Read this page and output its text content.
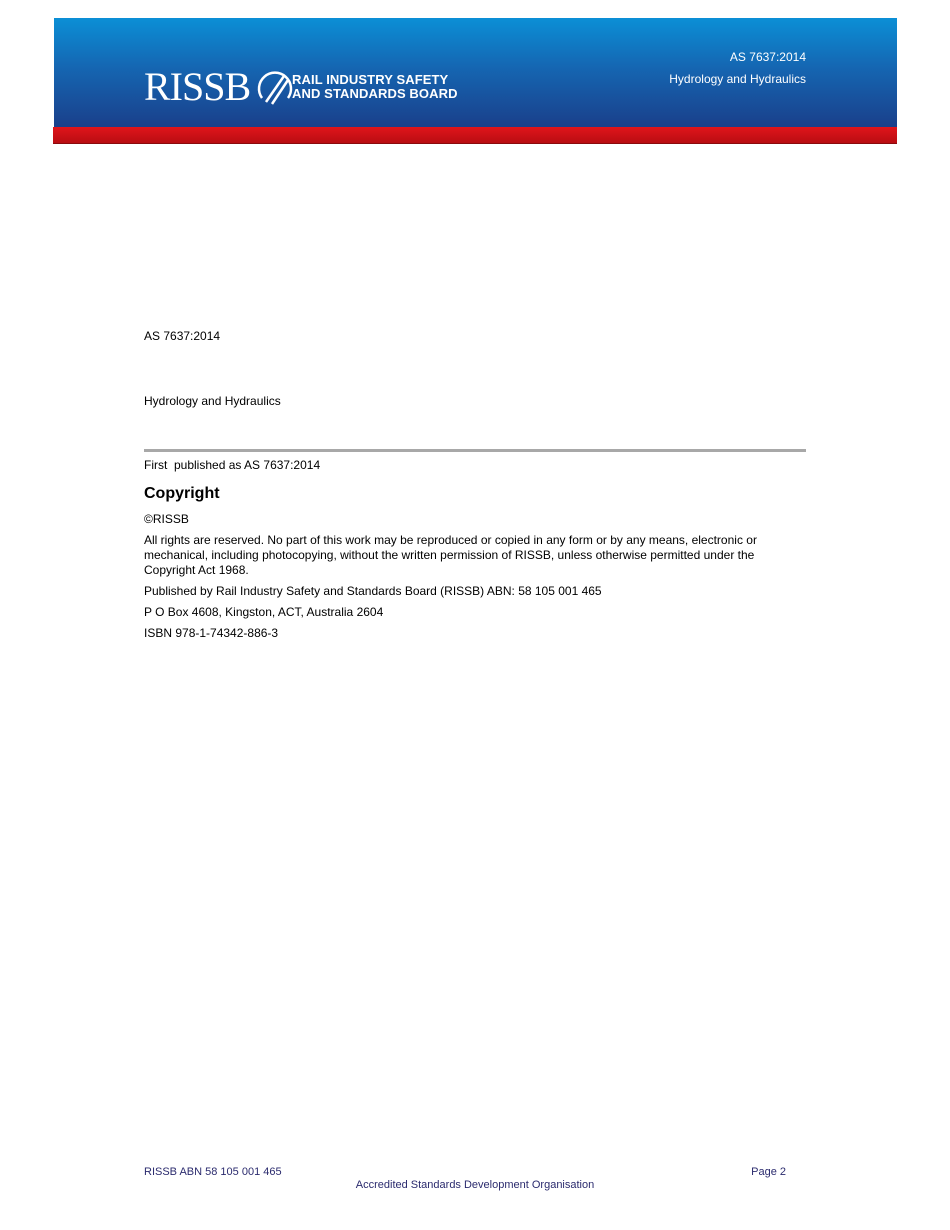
RISSB	RAIL INDUSTRY SAFETY
AND STANDARDS BOARD
AS 7637:2014
Hydrology and Hydraulics

AS 7637:2014

Hydrology and Hydraulics

First  published as AS 7637:2014

Copyright
©RISSB
All rights are reserved. No part of this work may be reproduced or copied in any form or by any means, electronic or mechanical, including photocopying, without the written permission of RISSB, unless otherwise permitted under the Copyright Act 1968.
Published by Rail Industry Safety and Standards Board (RISSB) ABN: 58 105 001 465
P O Box 4608, Kingston, ACT, Australia 2604
ISBN 978-1-74342-886-3
RISSB ABN 58 105 001 465	Page 2
Accredited Standards Development Organisation
